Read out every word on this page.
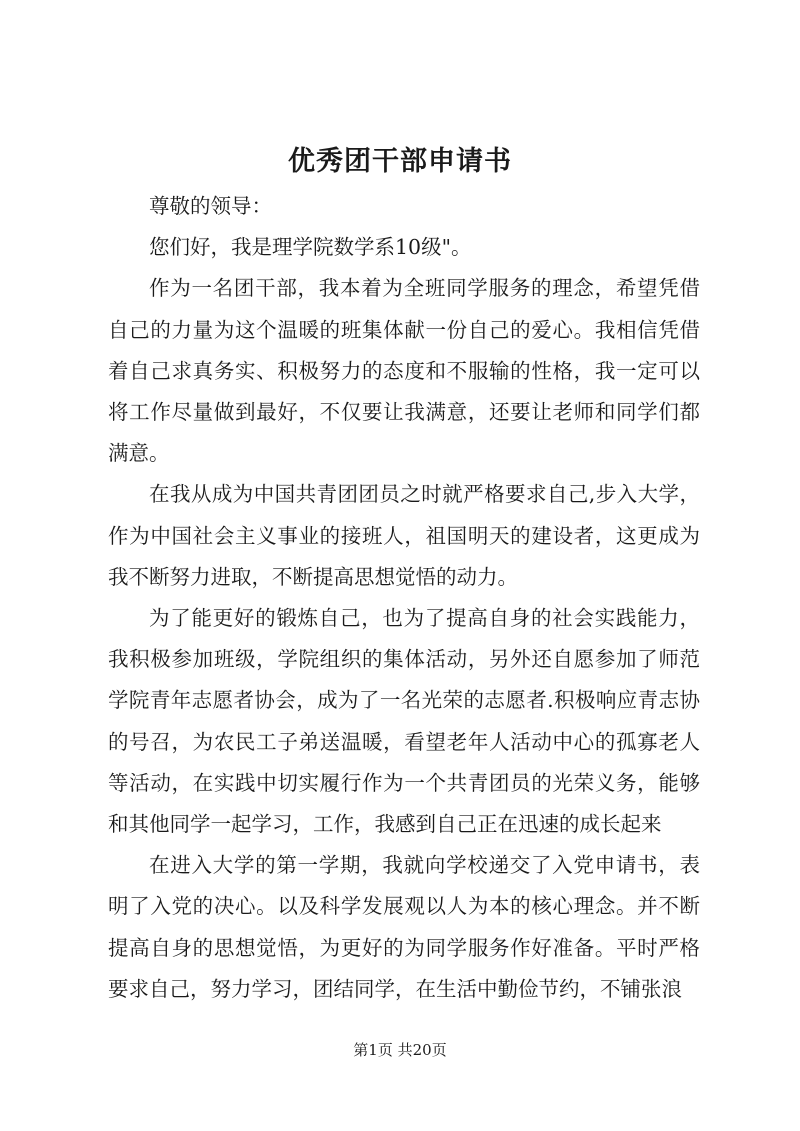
优秀团干部申请书

尊敬的领导：

您们好，我是理学院数学系10级"。

作为一名团干部，我本着为全班同学服务的理念，希望凭借自己的力量为这个温暖的班集体献一份自己的爱心。我相信凭借着自己求真务实、积极努力的态度和不服输的性格，我一定可以将工作尽量做到最好，不仅要让我满意，还要让老师和同学们都满意。

在我从成为中国共青团团员之时就严格要求自己,步入大学，作为中国社会主义事业的接班人，祖国明天的建设者，这更成为我不断努力进取，不断提高思想觉悟的动力。

为了能更好的锻炼自己，也为了提高自身的社会实践能力，我积极参加班级，学院组织的集体活动，另外还自愿参加了师范学院青年志愿者协会，成为了一名光荣的志愿者.积极响应青志协的号召，为农民工子弟送温暖，看望老年人活动中心的孤寡老人等活动，在实践中切实履行作为一个共青团员的光荣义务，能够和其他同学一起学习，工作，我感到自己正在迅速的成长起来

在进入大学的第一学期，我就向学校递交了入党申请书，表明了入党的决心。以及科学发展观以人为本的核心理念。并不断提高自身的思想觉悟，为更好的为同学服务作好准备。平时严格要求自己，努力学习，团结同学，在生活中勤俭节约，不铺张浪

第1页 共20页
